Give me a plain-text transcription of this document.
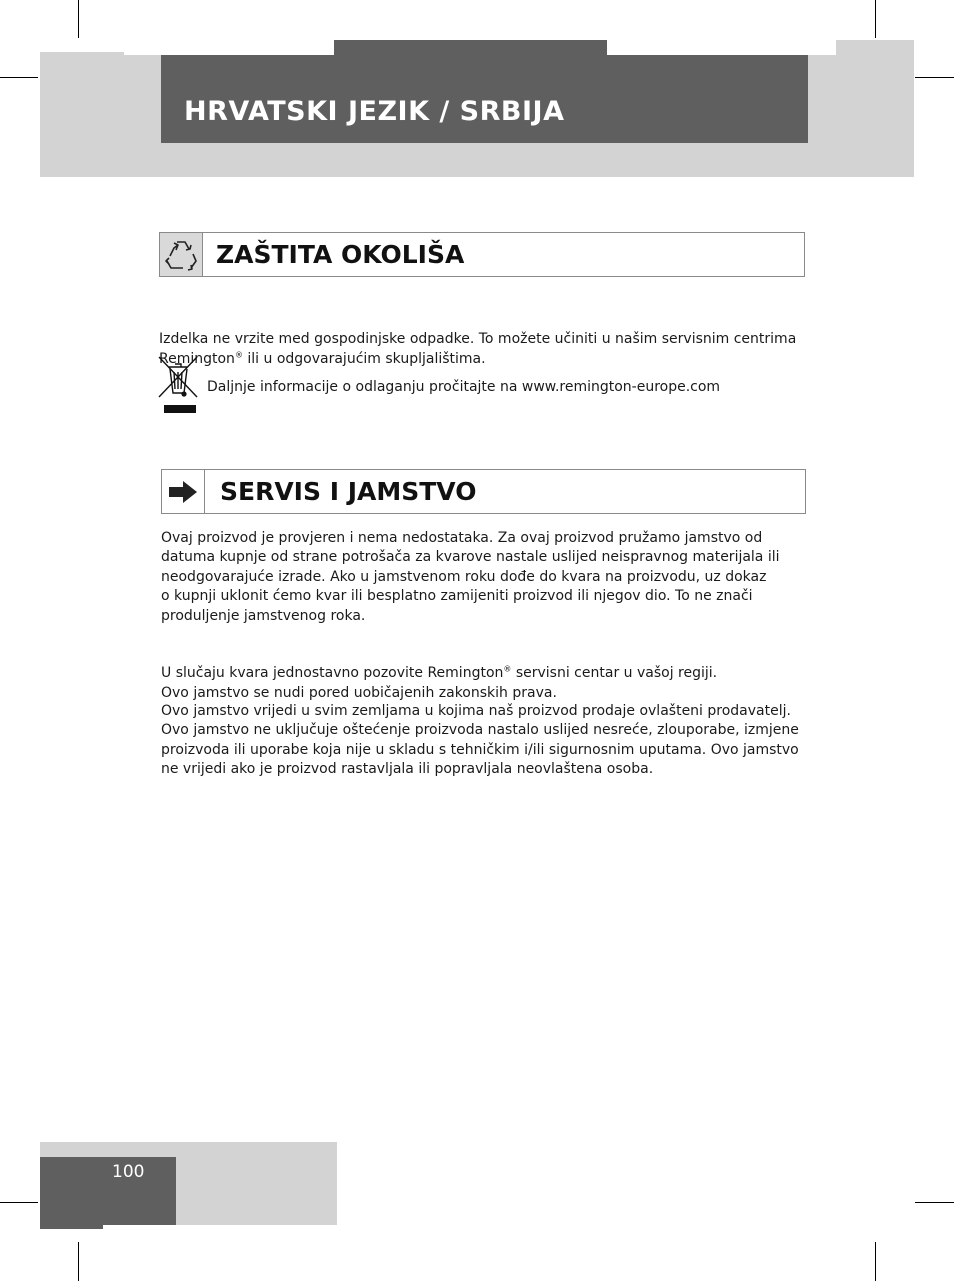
HRVATSKI JEZIK / SRBIJA
ZAŠTITA OKOLIŠA

Izdelka ne vrzite med gospodinjske odpadke. To možete učiniti u našim servisnim centrima
Remington® ili u odgovarajućim skupljalištima.

Daljnje informacije o odlaganju pročitajte na www.remington-europe.com
SERVIS I JAMSTVO
Ovaj proizvod je provjeren i nema nedostataka. Za ovaj proizvod pružamo jamstvo od
datuma kupnje od strane potrošača za kvarove nastale uslijed neispravnog materijala ili
neodgovarajuće izrade. Ako u jamstvenom roku dođe do kvara na proizvodu, uz dokaz
o kupnji uklonit ćemo kvar ili besplatno zamijeniti proizvod ili njegov dio. To ne znači
produljenje jamstvenog roka.

U slučaju kvara jednostavno pozovite Remington® servisni centar u vašoj regiji.
Ovo jamstvo se nudi pored uobičajenih zakonskih prava.

Ovo jamstvo vrijedi u svim zemljama u kojima naš proizvod prodaje ovlašteni prodavatelj.
Ovo jamstvo ne uključuje oštećenje proizvoda nastalo uslijed nesreće, zlouporabe, izmjene
proizvoda ili uporabe koja nije u skladu s tehničkim i/ili sigurnosnim uputama. Ovo jamstvo
ne vrijedi ako je proizvod rastavljala ili popravljala neovlaštena osoba.
100
